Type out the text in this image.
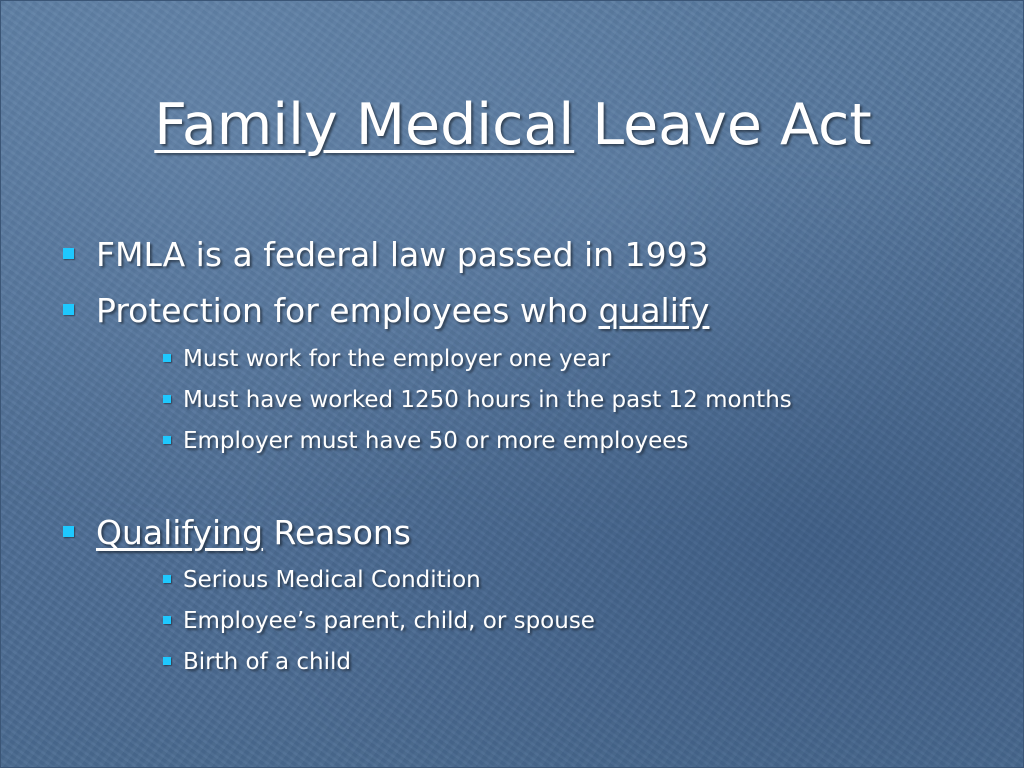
Family Medical Leave Act
FMLA is a federal law passed in 1993
Protection for employees who qualify
Must work for the employer one year
Must have worked 1250 hours in the past 12 months
Employer must have 50 or more employees
Qualifying Reasons
Serious Medical Condition
Employee’s parent, child, or spouse
Birth of a child
